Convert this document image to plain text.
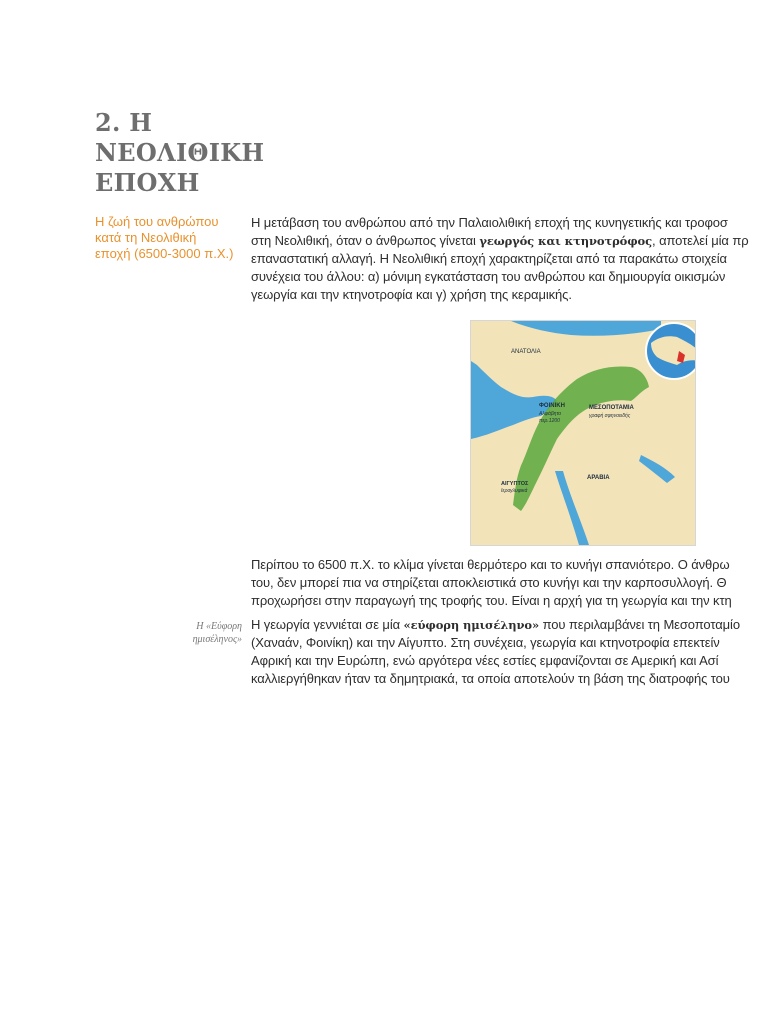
2. Η
ΝΕΟΛΙΘΙΚΗ
ΕΠΟΧΗ
Η ζωή του ανθρώπου
κατά τη Νεολιθική
εποχή (6500-3000 π.Χ.)
Η μετάβαση του ανθρώπου από την Παλαιολιθική εποχή της κυνηγετικής και τροφοσ
στη Νεολιθική, όταν ο άνθρωπος γίνεται γεωργός και κτηνοτρόφος, αποτελεί μία πρ
επαναστατική αλλαγή. Η Νεολιθική εποχή χαρακτηρίζεται από τα παρακάτω στοιχεία
συνέχεια του άλλου: α) μόνιμη εγκατάσταση του ανθρώπου και δημιουργία οικισμών
γεωργία και την κτηνοτροφία και γ) χρήση της κεραμικής.
ΑΝΑΤΟΛΙΑ
ΦΟΙΝΙΚΗ
Αλφάβητο
περ.1200
ΜΕΣΟΠΟΤΑΜΙΑ
γραφή σφηνοειδής
ΑΡΑΒΙΑ
ΑΙΓΥΠΤΟΣ
Ιερογλυφικά
Η «Εύφορη
ημισέληνος»
Περίπου το 6500 π.Χ. το κλίμα γίνεται θερμότερο και το κυνήγι σπανιότερο. Ο άνθρω
του, δεν μπορεί πια να στηρίζεται αποκλειστικά στο κυνήγι και την καρποσυλλογή. Θ
προχωρήσει στην παραγωγή της τροφής του. Είναι η αρχή για τη γεωργία και την κτη
Η γεωργία γεννιέται σε μία «εύφορη ημισέληνο» που περιλαμβάνει τη Μεσοποταμίο
(Χαναάν, Φοινίκη) και την Αίγυπτο. Στη συνέχεια, γεωργία και κτηνοτροφία επεκτείν
Αφρική και την Ευρώπη, ενώ αργότερα νέες εστίες εμφανίζονται σε Αμερική και Ασί
καλλιεργήθηκαν ήταν τα δημητριακά, τα οποία αποτελούν τη βάση της διατροφής του
